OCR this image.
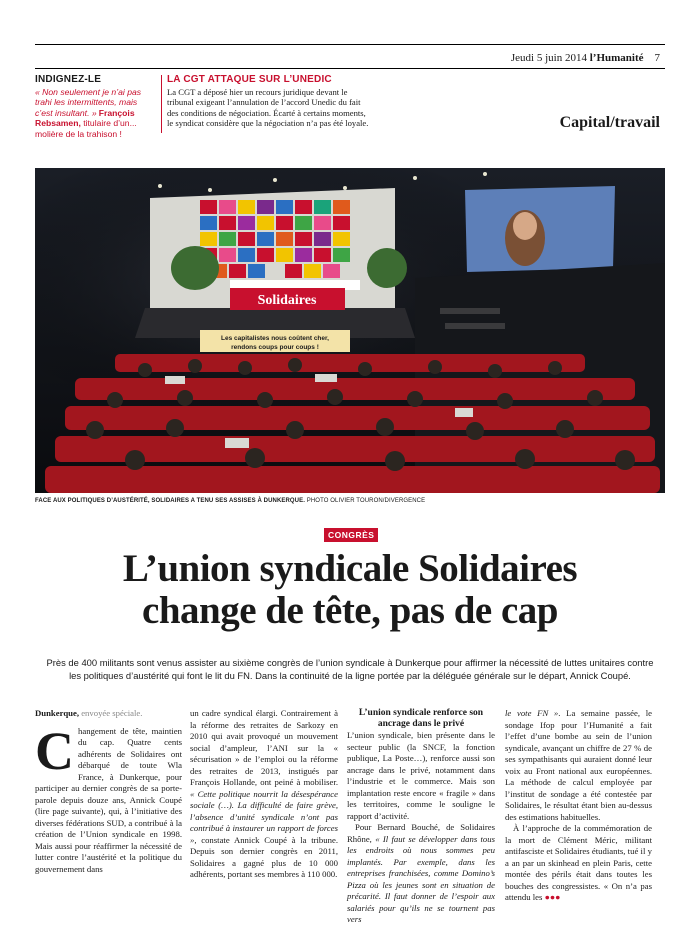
Jeudi 5 juin 2014 l’Humanité 7
INDIGNEZ-LE
« Non seulement je n’ai pas trahi les intermittents, mais c’est insultant. » François Rebsamen, titulaire d’un... molière de la trahison !
LA CGT ATTAQUE SUR L’UNEDIC
La CGT a déposé hier un recours juridique devant le tribunal exigeant l’annulation de l’accord Unedic du fait des conditions de négociation. Écarté à certains moments, le syndicat considère que la négociation n’a pas été loyale.	Capital/travail
Solidaires
Les capitalistes nous coûtent cher,
rendons coups pour coups !
FACE AUX POLITIQUES D’AUSTÉRITÉ, SOLIDAIRES A TENU SES ASSISES À DUNKERQUE. PHOTO OLIVIER TOURON/DIVERGENCE
CONGRÈS
L’union syndicale Solidaires
change de tête, pas de cap
Près de 400 militants sont venus assister au sixième congrès de l’union syndicale à Dunkerque pour affirmer la nécessité de luttes unitaires contre les politiques d’austérité qui font le lit du FN. Dans la continuité de la ligne portée par la déléguée générale sur le départ, Annick Coupé.
Dunkerque, envoyée spéciale.
Changement de tête, maintien du cap. Quatre cents adhérents de Solidaires ont débarqué de toute Wla France, à Dunkerque, pour participer au dernier congrès de sa porte-parole depuis douze ans, Annick Coupé (lire page suivante), qui, à l’initiative des diverses fédérations SUD, a contribué à la création de l’Union syndicale en 1998. Mais aussi pour réaffirmer la nécessité de lutter contre l’austérité et la politique du gouvernement dans

un cadre syndical élargi. Contrairement à la réforme des retraites de Sarkozy en 2010 qui avait provoqué un mouvement social d’ampleur, l’ANI sur la « sécurisation » de l’emploi ou la réforme des retraites de 2013, instigués par François Hollande, ont peiné à mobiliser. « Cette politique nourrit la désespérance sociale (…). La difficulté de faire grève, l’absence d’unité syndicale n’ont pas contribué à instaurer un rapport de forces », constate Annick Coupé à la tribune. Depuis son dernier congrès en 2011, Solidaires a gagné plus de 10 000 adhérents, portant ses membres à 110 000.

L’union syndicale renforce son ancrage dans le privé

L’union syndicale, bien présente dans le secteur public (la SNCF, la fonction publique, La Poste…), renforce aussi son ancrage dans le privé, notamment dans l’industrie et le commerce. Mais son implantation reste encore « fragile » dans les territoires, comme le souligne le rapport d’activité.

Pour Bernard Bouché, de Solidaires Rhône, « Il faut se développer dans tous les endroits où nous sommes peu implantés. Par exemple, dans les entreprises franchisées, comme Domino’s Pizza où les jeunes sont en situation de précarité. Il faut donner de l’espoir aux salariés pour qu’ils ne se tournent pas vers

le vote FN ». La semaine passée, le sondage Ifop pour l’Humanité a fait l’effet d’une bombe au sein de l’union syndicale, avançant un chiffre de 27 % de ses sympathisants qui auraient donné leur voix au Front national aux européennes. La méthode de calcul employée par l’institut de sondage a été contestée par Solidaires, le résultat étant bien au-dessus des estimations habituelles.

À l’approche de la commémoration de la mort de Clément Méric, militant antifasciste et Solidaires étudiants, tué il y a an par un skinhead en plein Paris, cette montée des périls était dans toutes les bouches des congressistes. « On n’a pas attendu les ●●●
